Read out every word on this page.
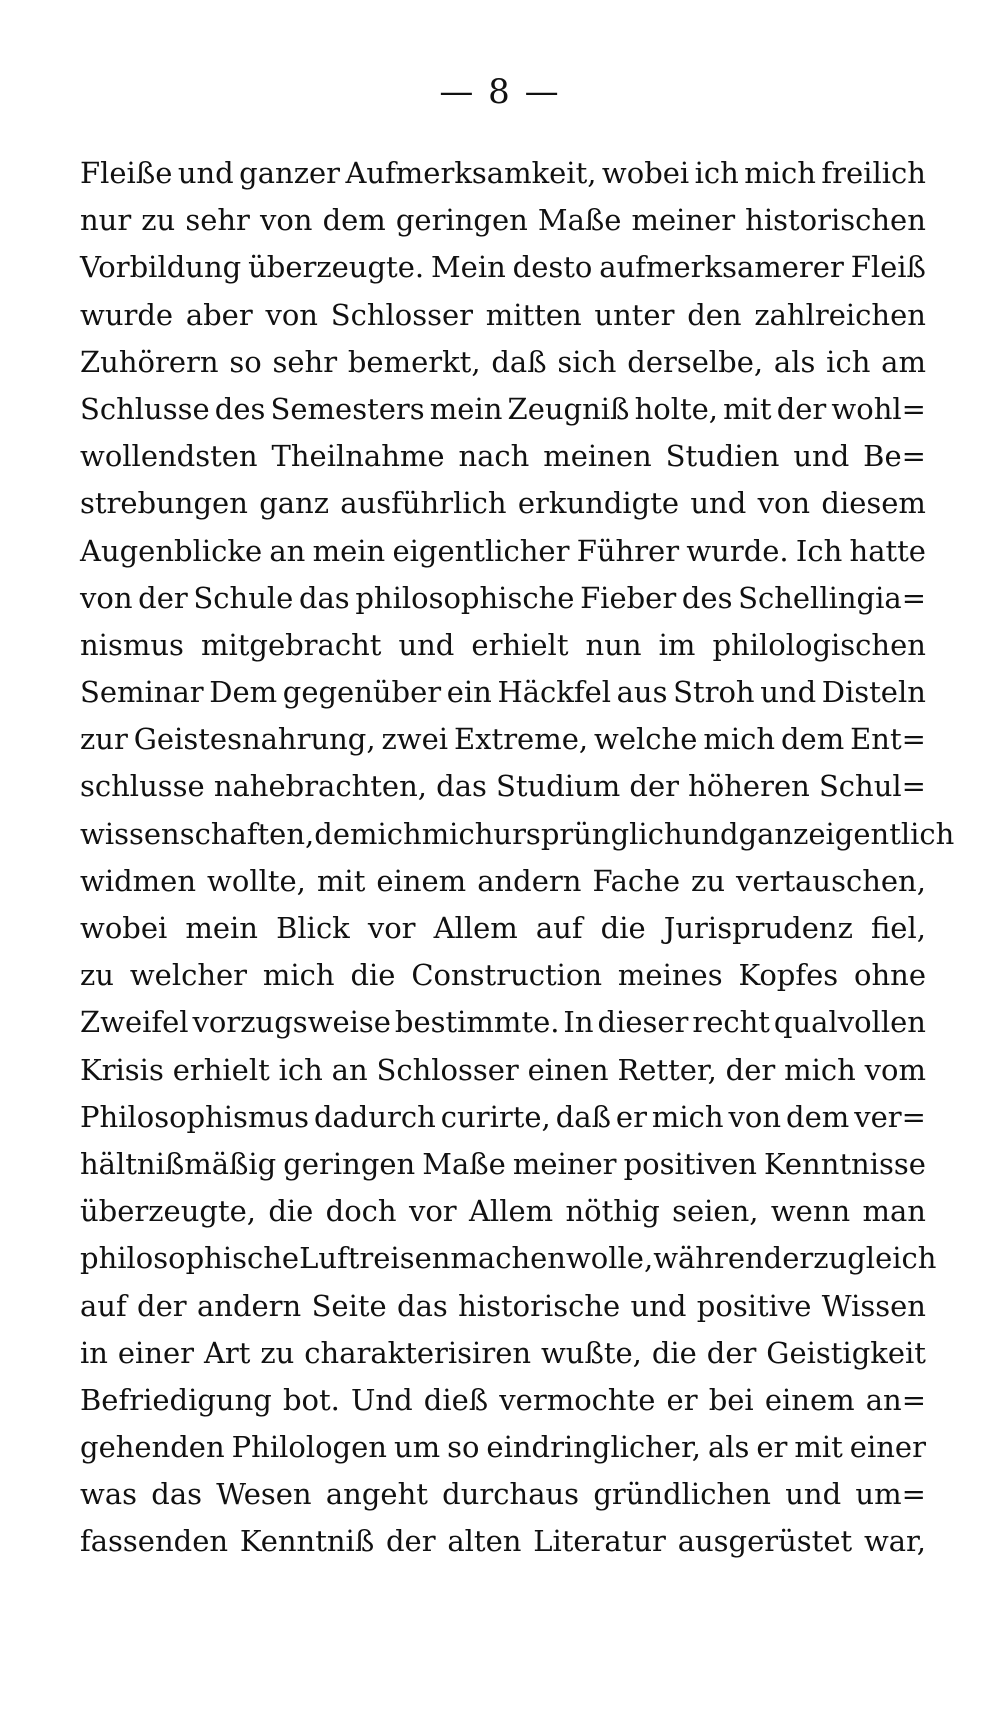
— 8 —
Fleiße und ganzer Aufmerksamkeit, wobei ich mich freilich
nur zu sehr von dem geringen Maße meiner historischen
Vorbildung überzeugte. Mein desto aufmerksamerer Fleiß
wurde aber von Schlosser mitten unter den zahlreichen
Zuhörern so sehr bemerkt, daß sich derselbe, als ich am
Schlusse des Semesters mein Zeugniß holte, mit der wohl=
wollendsten Theilnahme nach meinen Studien und Be=
strebungen ganz ausführlich erkundigte und von diesem
Augenblicke an mein eigentlicher Führer wurde. Ich hatte
von der Schule das philosophische Fieber des Schellingia=
nismus mitgebracht und erhielt nun im philologischen
Seminar Dem gegenüber ein Häckfel aus Stroh und Disteln
zur Geistesnahrung, zwei Extreme, welche mich dem Ent=
schlusse nahebrachten, das Studium der höheren Schul=
wissenschaften, dem ich mich ursprünglich und ganz eigentlich
widmen wollte, mit einem andern Fache zu vertauschen,
wobei mein Blick vor Allem auf die Jurisprudenz fiel,
zu welcher mich die Construction meines Kopfes ohne
Zweifel vorzugsweise bestimmte. In dieser recht qualvollen
Krisis erhielt ich an Schlosser einen Retter, der mich vom
Philosophismus dadurch curirte, daß er mich von dem ver=
hältnißmäßig geringen Maße meiner positiven Kenntnisse
überzeugte, die doch vor Allem nöthig seien, wenn man
philosophische Luftreisen machen wolle, während er zugleich
auf der andern Seite das historische und positive Wissen
in einer Art zu charakterisiren wußte, die der Geistigkeit
Befriedigung bot. Und dieß vermochte er bei einem an=
gehenden Philologen um so eindringlicher, als er mit einer
was das Wesen angeht durchaus gründlichen und um=
fassenden Kenntniß der alten Literatur ausgerüstet war,
